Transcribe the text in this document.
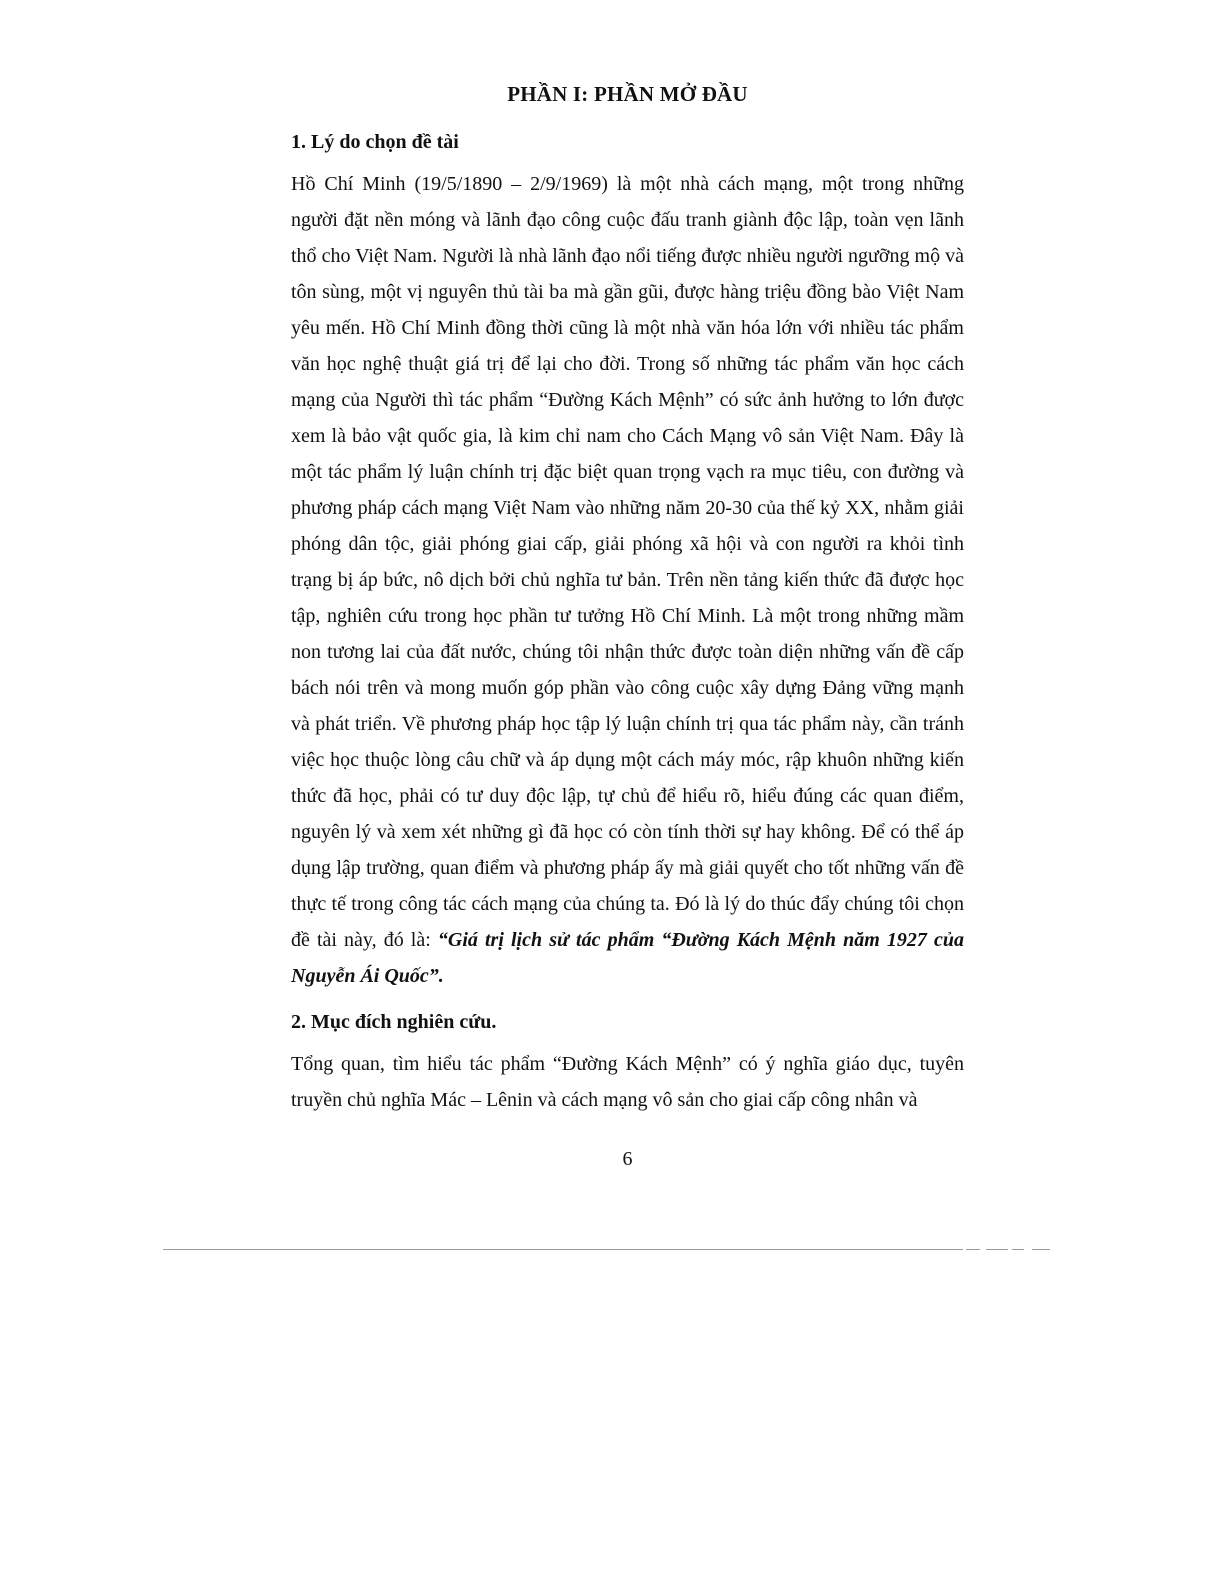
PHẦN I: PHẦN MỞ ĐẦU
1. Lý do chọn đề tài

Hồ Chí Minh (19/5/1890 – 2/9/1969) là một nhà cách mạng, một trong những người đặt nền móng và lãnh đạo công cuộc đấu tranh giành độc lập, toàn vẹn lãnh thổ cho Việt Nam. Người là nhà lãnh đạo nổi tiếng được nhiều người ngưỡng mộ và tôn sùng, một vị nguyên thủ tài ba mà gần gũi, được hàng triệu đồng bào Việt Nam yêu mến. Hồ Chí Minh đồng thời cũng là một nhà văn hóa lớn với nhiều tác phẩm văn học nghệ thuật giá trị để lại cho đời. Trong số những tác phẩm văn học cách mạng của Người thì tác phẩm “Đường Kách Mệnh” có sức ảnh hưởng to lớn được xem là bảo vật quốc gia, là kim chỉ nam cho Cách Mạng vô sản Việt Nam. Đây là một tác phẩm lý luận chính trị đặc biệt quan trọng vạch ra mục tiêu, con đường và phương pháp cách mạng Việt Nam vào những năm 20-30 của thế kỷ XX, nhằm giải phóng dân tộc, giải phóng giai cấp, giải phóng xã hội và con người ra khỏi tình trạng bị áp bức, nô dịch bởi chủ nghĩa tư bản. Trên nền tảng kiến thức đã được học tập, nghiên cứu trong học phần tư tưởng Hồ Chí Minh. Là một trong những mầm non tương lai của đất nước, chúng tôi nhận thức được toàn diện những vấn đề cấp bách nói trên và mong muốn góp phần vào công cuộc xây dựng Đảng vững mạnh và phát triển. Về phương pháp học tập lý luận chính trị qua tác phẩm này, cần tránh việc học thuộc lòng câu chữ và áp dụng một cách máy móc, rập khuôn những kiến thức đã học, phải có tư duy độc lập, tự chủ để hiểu rõ, hiểu đúng các quan điểm, nguyên lý và xem xét những gì đã học có còn tính thời sự hay không. Để có thể áp dụng lập trường, quan điểm và phương pháp ấy mà giải quyết cho tốt những vấn đề thực tế trong công tác cách mạng của chúng ta. Đó là lý do thúc đẩy chúng tôi chọn đề tài này, đó là: “Giá trị lịch sử tác phẩm “Đường Kách Mệnh năm 1927 của Nguyễn Ái Quốc”.

2. Mục đích nghiên cứu.

Tổng quan, tìm hiểu tác phẩm “Đường Kách Mệnh” có ý nghĩa giáo dục, tuyên truyền chủ nghĩa Mác – Lênin và cách mạng vô sản cho giai cấp công nhân và

6
